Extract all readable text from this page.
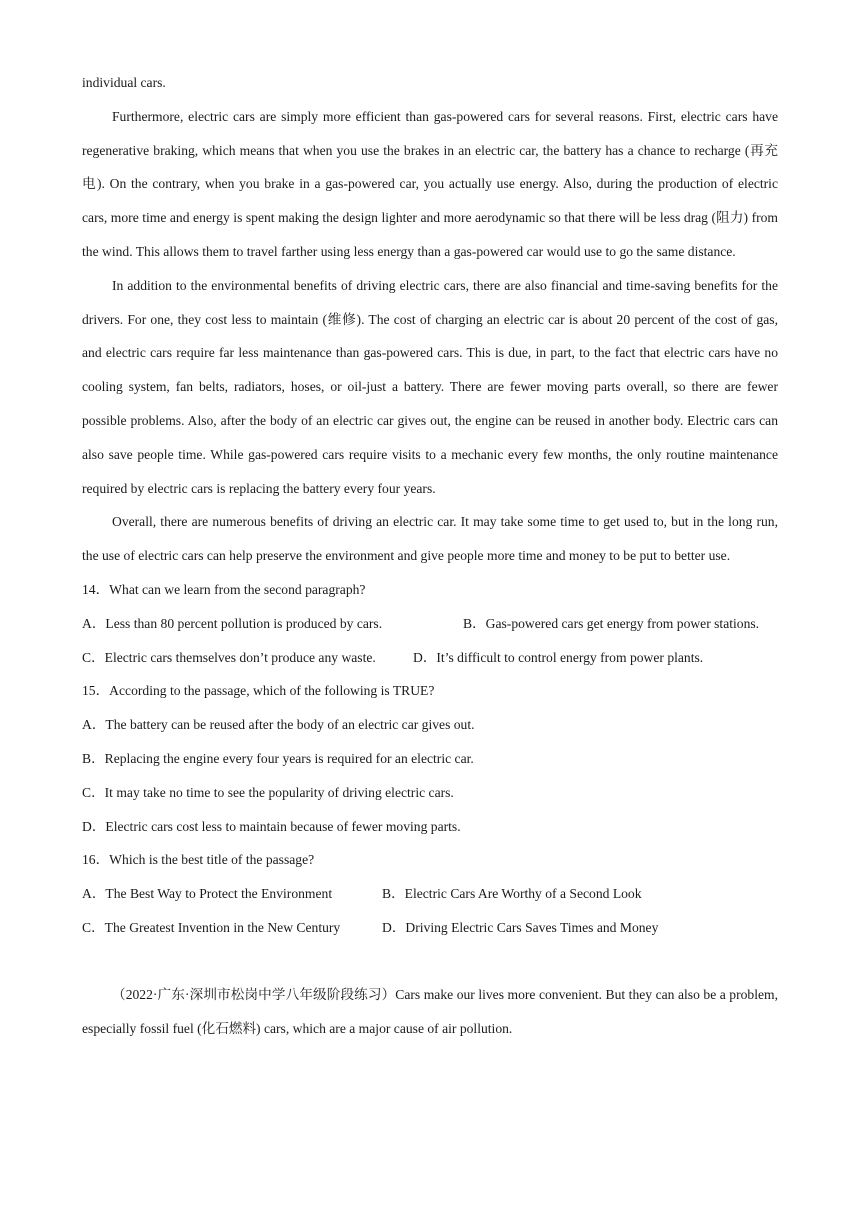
individual cars.

Furthermore, electric cars are simply more efficient than gas-powered cars for several reasons. First, electric cars have regenerative braking, which means that when you use the brakes in an electric car, the battery has a chance to recharge (再充电). On the contrary, when you brake in a gas-powered car, you actually use energy. Also, during the production of electric cars, more time and energy is spent making the design lighter and more aerodynamic so that there will be less drag (阻力) from the wind. This allows them to travel farther using less energy than a gas-powered car would use to go the same distance.

In addition to the environmental benefits of driving electric cars, there are also financial and time-saving benefits for the drivers. For one, they cost less to maintain (维修). The cost of charging an electric car is about 20 percent of the cost of gas, and electric cars require far less maintenance than gas-powered cars. This is due, in part, to the fact that electric cars have no cooling system, fan belts, radiators, hoses, or oil-just a battery. There are fewer moving parts overall, so there are fewer possible problems. Also, after the body of an electric car gives out, the engine can be reused in another body. Electric cars can also save people time. While gas-powered cars require visits to a mechanic every few months, the only routine maintenance required by electric cars is replacing the battery every four years.

Overall, there are numerous benefits of driving an electric car. It may take some time to get used to, but in the long run, the use of electric cars can help preserve the environment and give people more time and money to be put to better use.

14．What can we learn from the second paragraph?

A．Less than 80 percent pollution is produced by cars.	B．Gas-powered cars get energy from power stations.
C．Electric cars themselves don’t produce any waste.	D．It’s difficult to control energy from power plants.

15．According to the passage, which of the following is TRUE?

A．The battery can be reused after the body of an electric car gives out.

B．Replacing the engine every four years is required for an electric car.

C．It may take no time to see the popularity of driving electric cars.

D．Electric cars cost less to maintain because of fewer moving parts.

16．Which is the best title of the passage?

A．The Best Way to Protect the Environment	B．Electric Cars Are Worthy of a Second Look
C．The Greatest Invention in the New Century	D．Driving Electric Cars Saves Times and Money

（2022·广东·深圳市松岗中学八年级阶段练习）Cars make our lives more convenient. But they can also be a problem, especially fossil fuel (化石燃料) cars, which are a major cause of air pollution.
